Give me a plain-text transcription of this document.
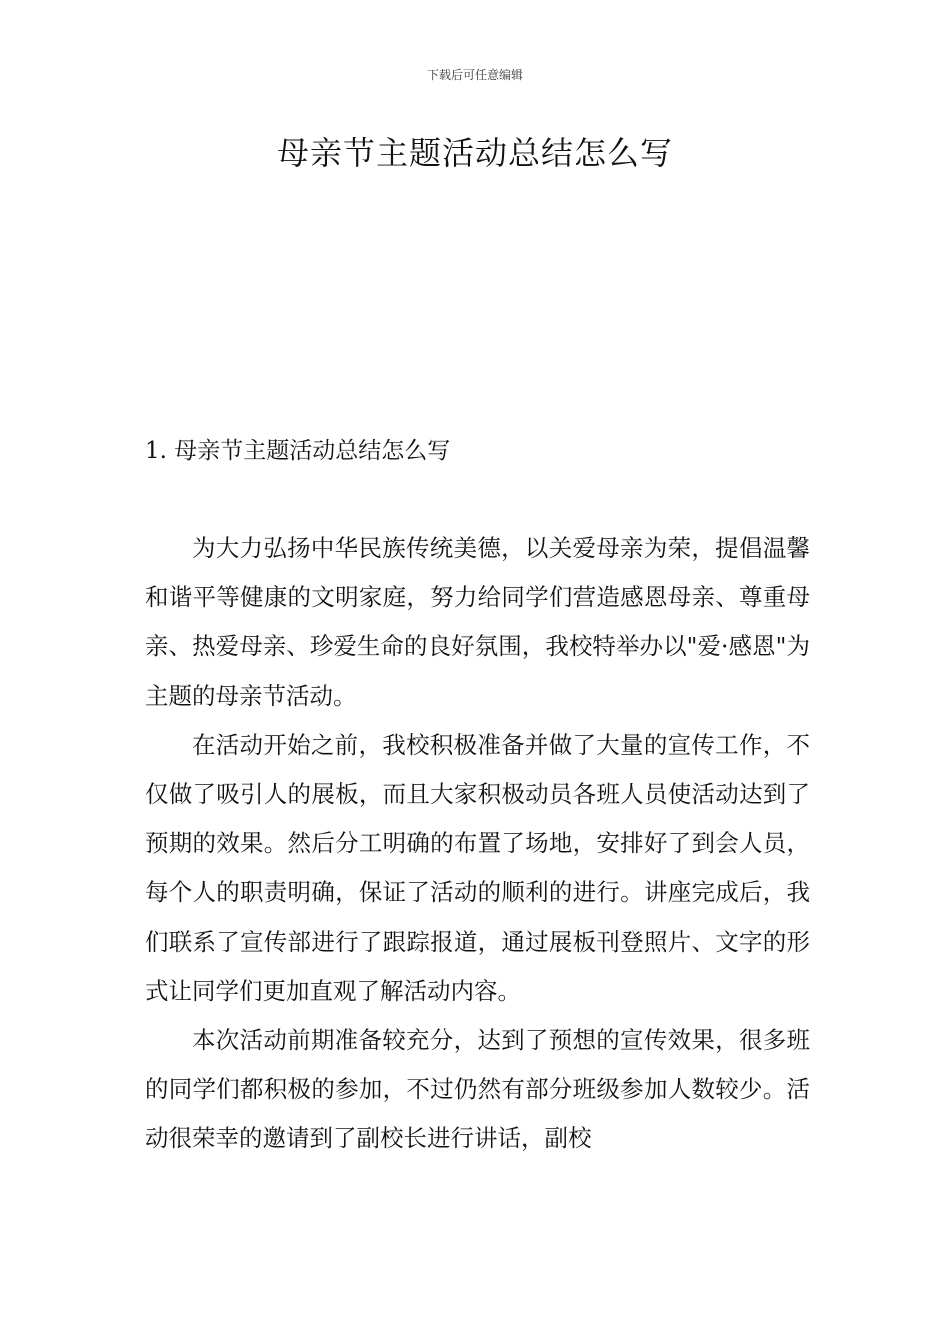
下载后可任意编辑
母亲节主题活动总结怎么写
1. 母亲节主题活动总结怎么写

为大力弘扬中华民族传统美德，以关爱母亲为荣，提倡温馨和谐平等健康的文明家庭，努力给同学们营造感恩母亲、尊重母亲、热爱母亲、珍爱生命的良好氛围，我校特举办以"爱·感恩"为主题的母亲节活动。

在活动开始之前，我校积极准备并做了大量的宣传工作，不仅做了吸引人的展板，而且大家积极动员各班人员使活动达到了预期的效果。然后分工明确的布置了场地，安排好了到会人员，每个人的职责明确，保证了活动的顺利的进行。讲座完成后，我们联系了宣传部进行了跟踪报道，通过展板刊登照片、文字的形式让同学们更加直观了解活动内容。

本次活动前期准备较充分，达到了预想的宣传效果，很多班的同学们都积极的参加，不过仍然有部分班级参加人数较少。活动很荣幸的邀请到了副校长进行讲话，副校
